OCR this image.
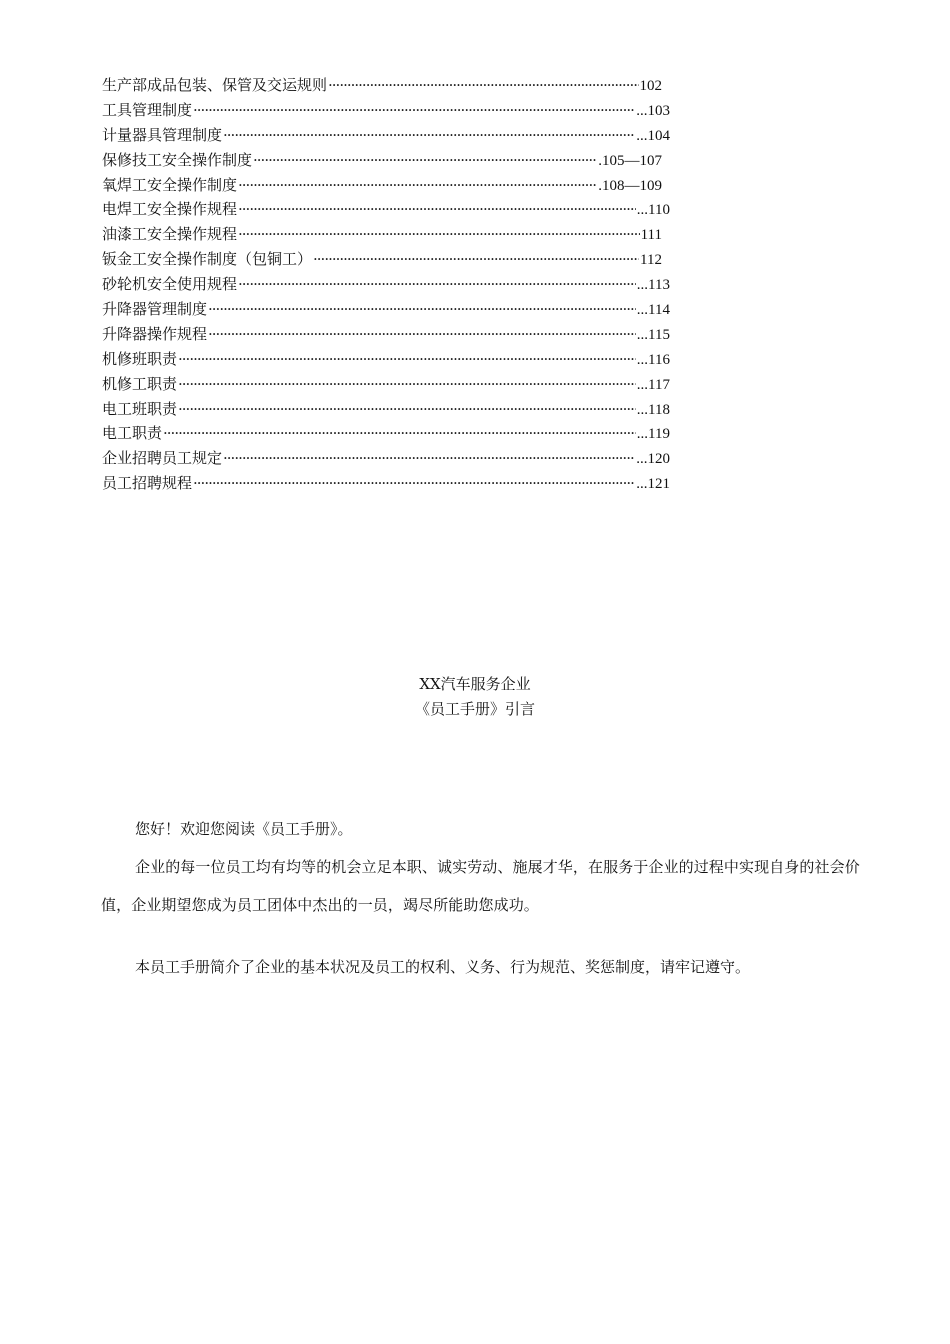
生产部成品包装、保管及交运规则 ·····	102
工具管理制度 ·····	...103
计量器具管理制度 ·····	...104
保修技工安全操作制度 ·····	.105—107
氧焊工安全操作制度 ·····	.108—109
电焊工安全操作规程 ·····	...110
油漆工安全操作规程 ·····	111
钣金工安全操作制度（包铜工） ·····	112
砂轮机安全使用规程 ·····	...113
升降器管理制度 ·····	...114
升降器操作规程 ·····	...115
机修班职责 ·····	...116
机修工职责 ·····	...117
电工班职责 ·····	...118
电工职责 ·····	...119
企业招聘员工规定 ·····	...120
员工招聘规程 ·····	...121
XX汽车服务企业
《员工手册》引言

您好！欢迎您阅读《员工手册》。

企业的每一位员工均有均等的机会立足本职、诚实劳动、施展才华，在服务于企业的过程中实现自身的社会价值，企业期望您成为员工团体中杰出的一员，竭尽所能助您成功。

本员工手册简介了企业的基本状况及员工的权利、义务、行为规范、奖惩制度，请牢记遵守。
